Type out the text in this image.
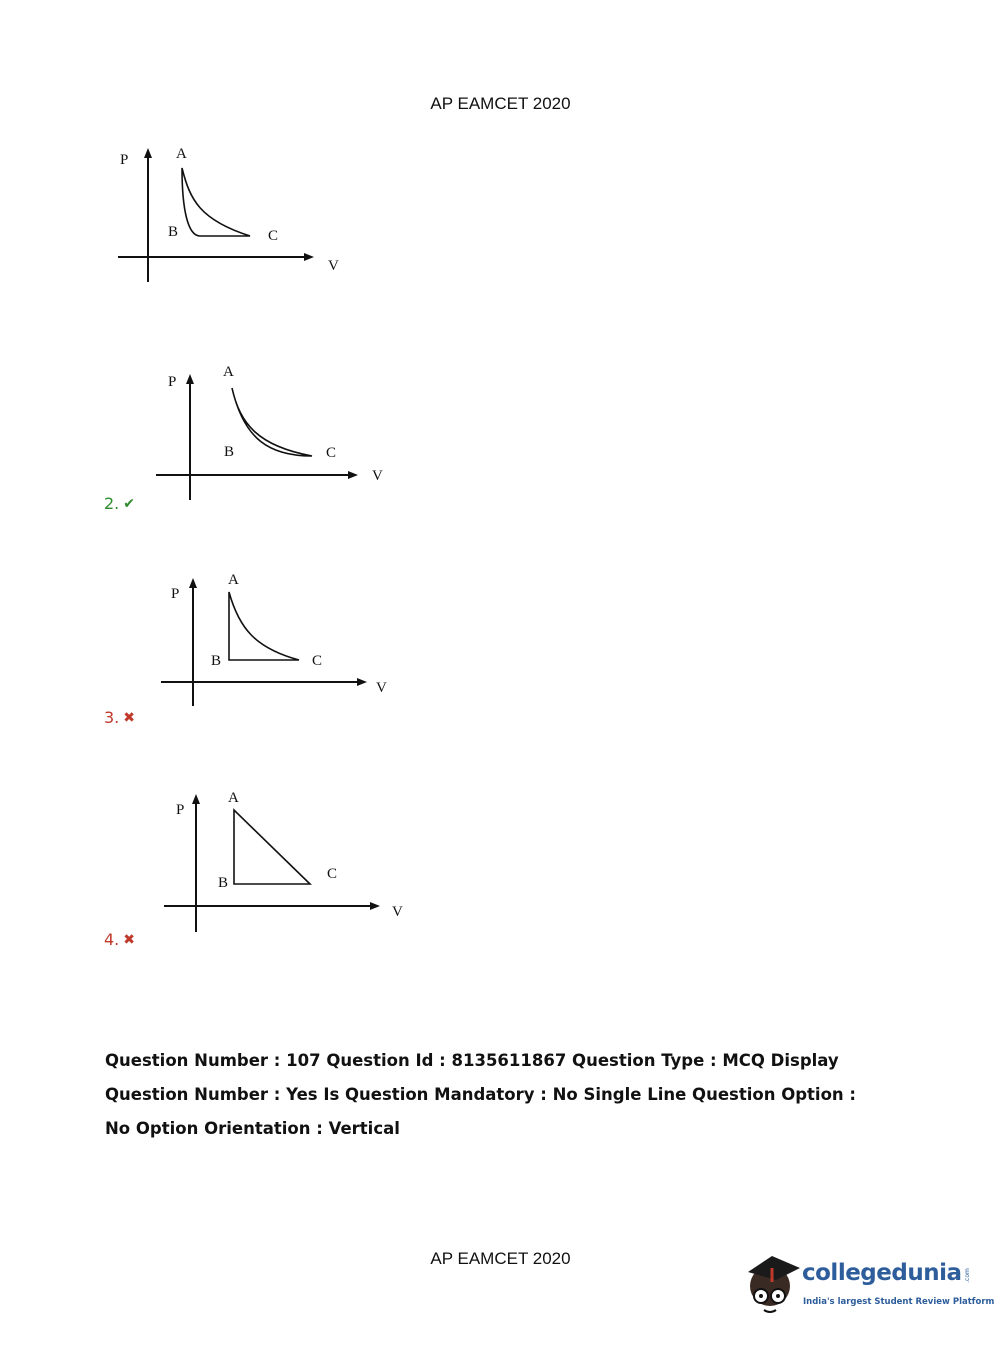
AP EAMCET 2020
P
V
A
B	C
P
V
A
B	C
2. ✔
P
V
A
B	C
3. ✖
P
V
A
B
C
4. ✖
Question Number : 107 Question Id : 8135611867 Question Type : MCQ Display Question Number : Yes Is Question Mandatory : No Single Line Question Option : No Option Orientation : Vertical
AP EAMCET 2020
collegedunia .com
India's largest Student Review Platform
